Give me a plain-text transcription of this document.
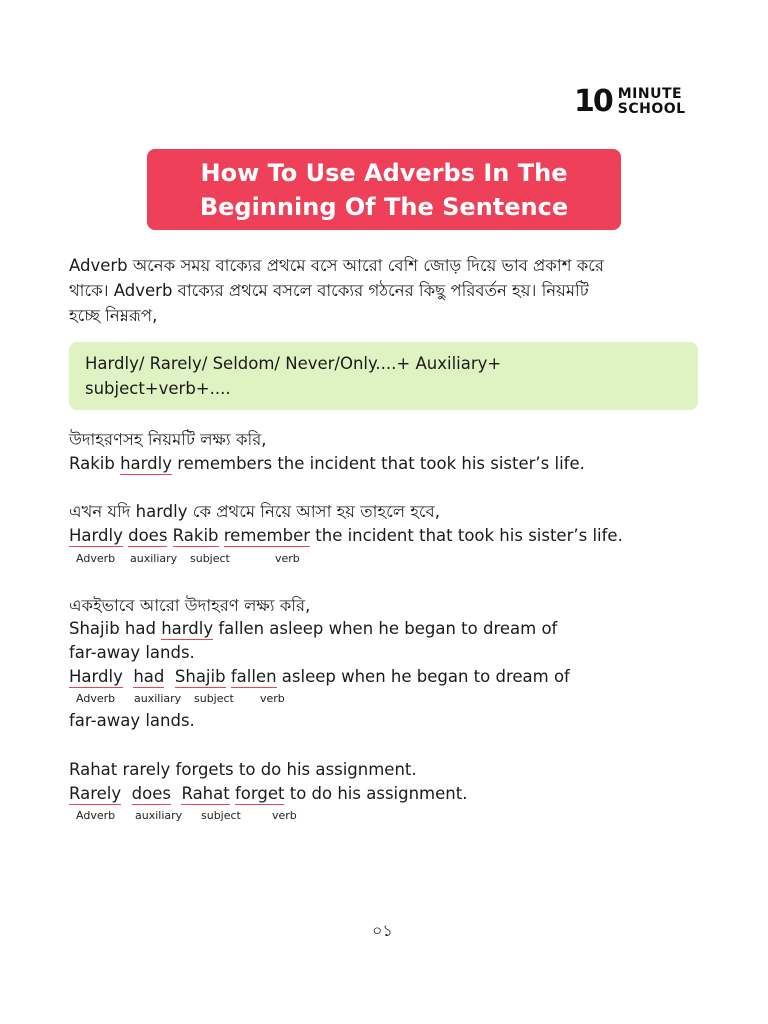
10 MINUTE
SCHOOL
How To Use Adverbs In The
Beginning Of The Sentence
Adverb অনেক সময় বাক্যের প্রথমে বসে আরো বেশি জোড় দিয়ে ভাব প্রকাশ করে
থাকে। Adverb বাক্যের প্রথমে বসলে বাক্যের গঠনের কিছু পরিবর্তন হয়। নিয়মটি
হচ্ছে নিম্নরূপ,
Hardly/ Rarely/ Seldom/ Never/Only....+ Auxiliary+
subject+verb+....
উদাহরণসহ নিয়মটি লক্ষ্য করি,
Rakib hardly remembers the incident that took his sister’s life.
এখন যদি hardly কে প্রথমে নিয়ে আসা হয় তাহলে হবে,
Hardly does Rakib remember the incident that took his sister’s life.
Adverb auxiliary subject	verb
একইভাবে আরো উদাহরণ লক্ষ্য করি,
Shajib had hardly fallen asleep when he began to dream of
far-away lands.
Hardly had Shajib fallen asleep when he began to dream of
Adverb auxiliary subject verb
far-away lands.
Rahat rarely forgets to do his assignment.
Rarely does Rahat forget to do his assignment.
Adverb auxiliary subject	verb
০১
